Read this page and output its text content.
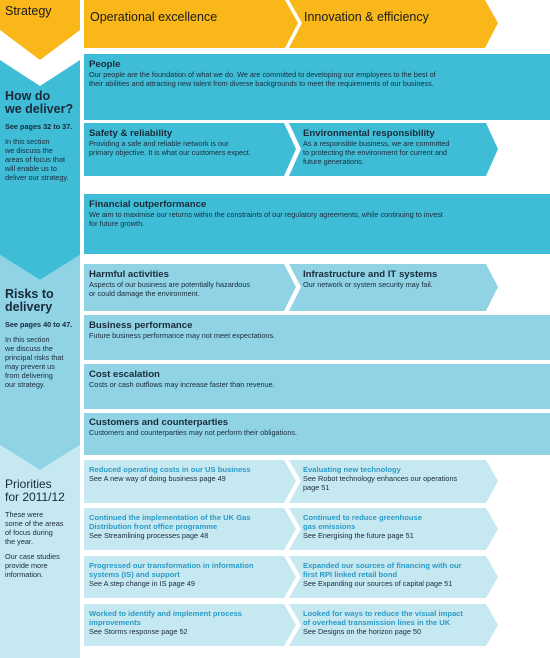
Strategy	Operational excellence	Innovation & efficiency
How do
we deliver?
See pages 32 to 37.
In this section
we discuss the
areas of focus that
will enable us to
deliver our strategy.
Risks to
delivery
See pages 40 to 47.
In this section
we discuss the
principal risks that
may prevent us
from delivering
our strategy.
Priorities
for 2011/12
These were
some of the areas
of focus during
the year.
Our case studies
provide more
information.

People

Our people are the foundation of what we do. We are committed to developing our employees to the best of

their abilities and attracting new talent from diverse backgrounds to meet the requirements of our business.

Safety & reliability

Providing a safe and reliable network is our

primary objective. It is what our customers expect.

Environmental responsibility

As a responsible business, we are committed

to protecting the environment for current and

future generations.

Financial outperformance

We aim to maximise our returns within the constraints of our regulatory agreements, while continuing to invest

for future growth.

Harmful activities

Aspects of our business are potentially hazardous

or could damage the environment.

Infrastructure and IT systems

Our network or system security may fail.

Business performance

Future business performance may not meet expectations.

Cost escalation

Costs or cash outflows may increase faster than revenue.

Customers and counterparties

Customers and counterparties may not perform their obligations.

Reduced operating costs in our US business

See A new way of doing business page 49

Evaluating new technology

See Robot technology enhances our operations

page 51

Continued the implementation of the UK Gas

Distribution front office programme

See Streamlining processes page 48

Continued to reduce greenhouse

gas emissions

See Energising the future page 51

Progressed our transformation in information

systems (IS) and support

See A step change in IS page 49

Expanded our sources of financing with our

first RPI linked retail bond

See Expanding our sources of capital page 51

Worked to identify and implement process

improvements

See Storms response page 52

Looked for ways to reduce the visual impact

of overhead transmission lines in the UK

See Designs on the horizon page 50
